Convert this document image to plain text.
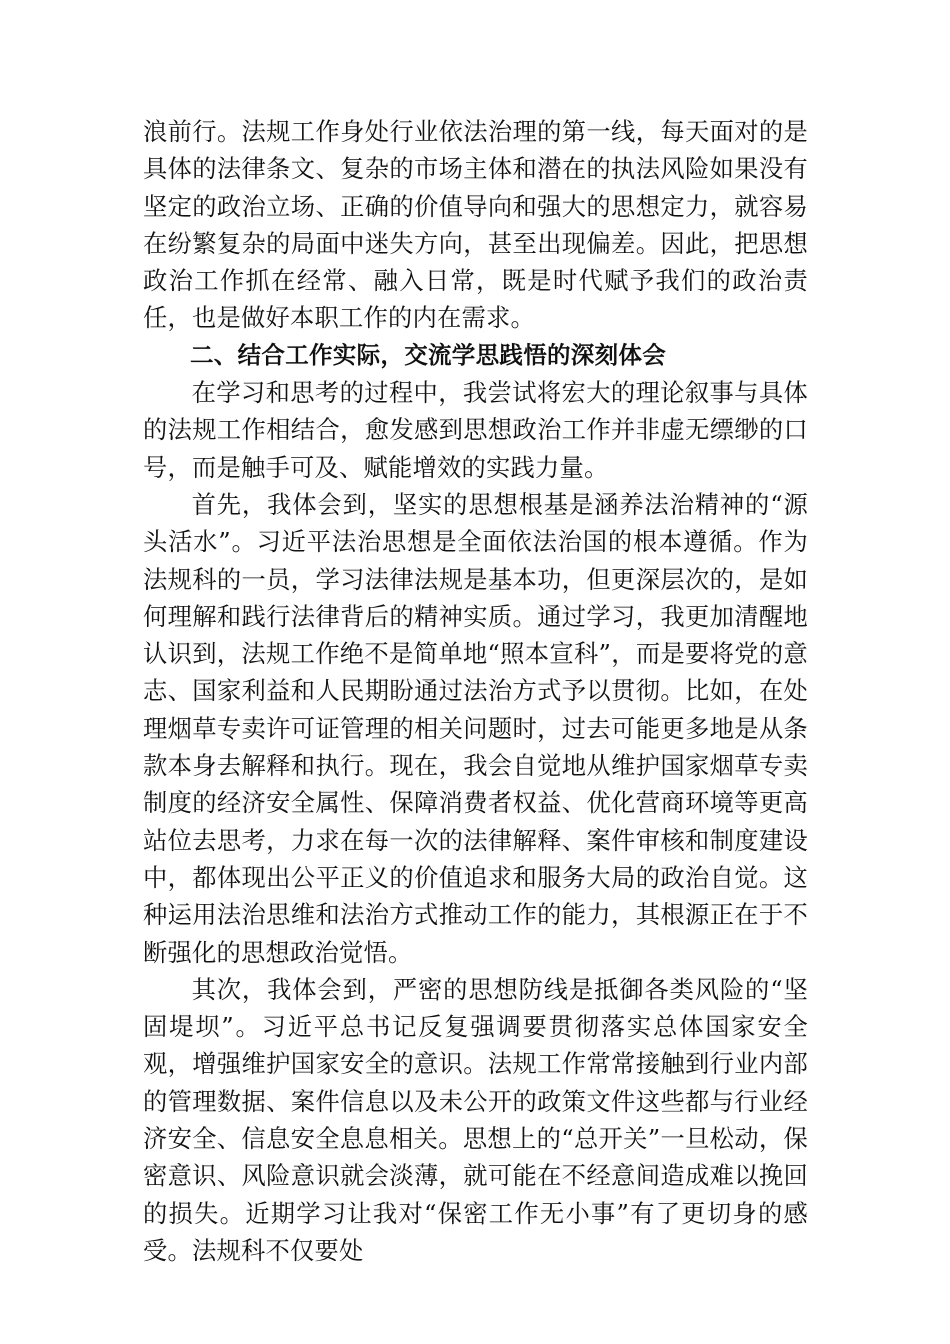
浪前行。法规工作身处行业依法治理的第一线，每天面对的是具体的法律条文、复杂的市场主体和潜在的执法风险如果没有坚定的政治立场、正确的价值导向和强大的思想定力，就容易在纷繁复杂的局面中迷失方向，甚至出现偏差。因此，把思想政治工作抓在经常、融入日常，既是时代赋予我们的政治责任，也是做好本职工作的内在需求。

二、结合工作实际，交流学思践悟的深刻体会

在学习和思考的过程中，我尝试将宏大的理论叙事与具体的法规工作相结合，愈发感到思想政治工作并非虚无缥缈的口号，而是触手可及、赋能增效的实践力量。

首先，我体会到，坚实的思想根基是涵养法治精神的“源头活水”。习近平法治思想是全面依法治国的根本遵循。作为法规科的一员，学习法律法规是基本功，但更深层次的，是如何理解和践行法律背后的精神实质。通过学习，我更加清醒地认识到，法规工作绝不是简单地“照本宣科”，而是要将党的意志、国家利益和人民期盼通过法治方式予以贯彻。比如，在处理烟草专卖许可证管理的相关问题时，过去可能更多地是从条款本身去解释和执行。现在，我会自觉地从维护国家烟草专卖制度的经济安全属性、保障消费者权益、优化营商环境等更高站位去思考，力求在每一次的法律解释、案件审核和制度建设中，都体现出公平正义的价值追求和服务大局的政治自觉。这种运用法治思维和法治方式推动工作的能力，其根源正在于不断强化的思想政治觉悟。

其次，我体会到，严密的思想防线是抵御各类风险的“坚固堤坝”。习近平总书记反复强调要贯彻落实总体国家安全观，增强维护国家安全的意识。法规工作常常接触到行业内部的管理数据、案件信息以及未公开的政策文件这些都与行业经济安全、信息安全息息相关。思想上的“总开关”一旦松动，保密意识、风险意识就会淡薄，就可能在不经意间造成难以挽回的损失。近期学习让我对“保密工作无小事”有了更切身的感受。法规科不仅要处
